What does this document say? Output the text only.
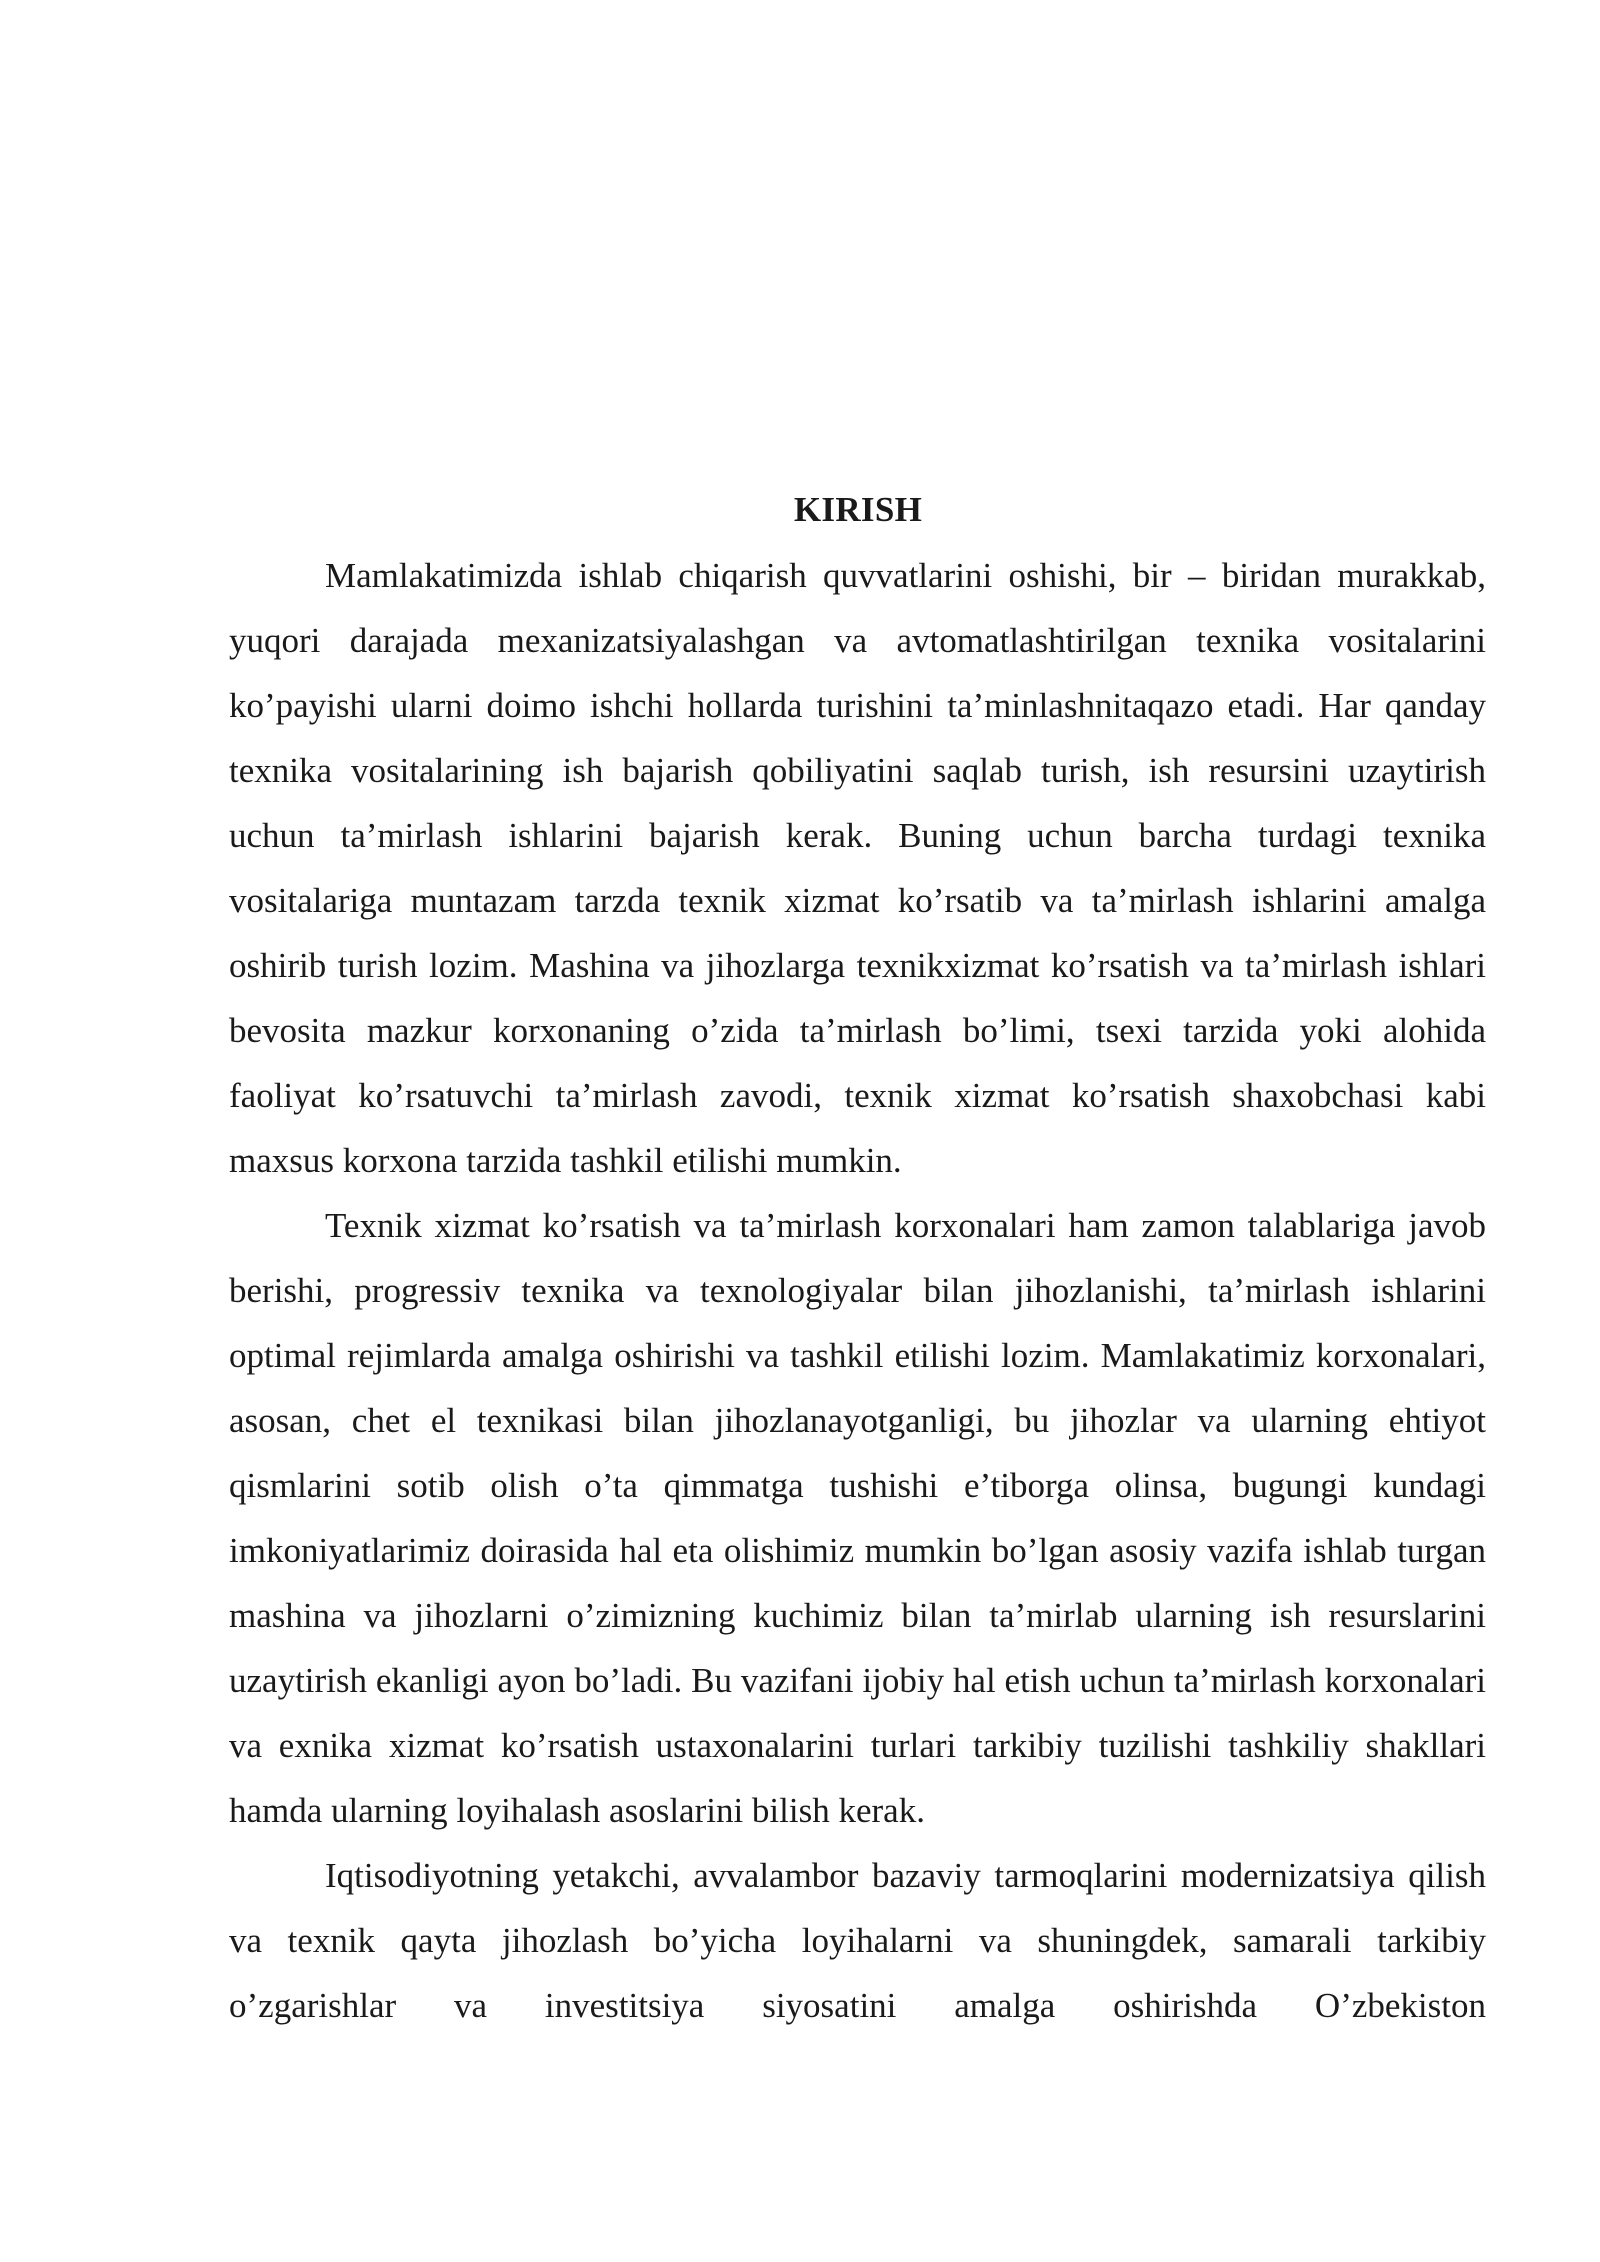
KIRISH

Mamlakatimizda ishlab chiqarish quvvatlarini oshishi, bir – biridan murakkab, yuqori darajada mexanizatsiyalashgan va avtomatlashtirilgan texnika vositalarini ko’payishi ularni doimo ishchi hollarda turishini ta’minlashnitaqazo etadi. Har qanday texnika vositalarining ish bajarish qobiliyatini saqlab turish, ish resursini uzaytirish uchun ta’mirlash ishlarini bajarish kerak. Buning uchun barcha turdagi texnika vositalariga muntazam tarzda texnik xizmat ko’rsatib va ta’mirlash ishlarini amalga oshirib turish lozim. Mashina va jihozlarga texnikxizmat ko’rsatish va ta’mirlash ishlari bevosita mazkur korxonaning o’zida ta’mirlash bo’limi, tsexi tarzida yoki alohida faoliyat ko’rsatuvchi ta’mirlash zavodi, texnik xizmat ko’rsatish shaxobchasi kabi maxsus korxona tarzida tashkil etilishi mumkin.

Texnik xizmat ko’rsatish va ta’mirlash korxonalari ham zamon talablariga javob berishi, progressiv texnika va texnologiyalar bilan jihozlanishi, ta’mirlash ishlarini optimal rejimlarda amalga oshirishi va tashkil etilishi lozim. Mamlakatimiz korxonalari, asosan, chet el texnikasi bilan jihozlanayotganligi, bu jihozlar va ularning ehtiyot qismlarini sotib olish o’ta qimmatga tushishi e’tiborga olinsa, bugungi kundagi imkoniyatlarimiz doirasida hal eta olishimiz mumkin bo’lgan asosiy vazifa ishlab turgan mashina va jihozlarni o’zimizning kuchimiz bilan ta’mirlab ularning ish resurslarini uzaytirish ekanligi ayon bo’ladi. Bu vazifani ijobiy hal etish uchun ta’mirlash korxonalari va exnika xizmat ko’rsatish ustaxonalarini turlari tarkibiy tuzilishi tashkiliy shakllari hamda ularning loyihalash asoslarini bilish kerak.

Iqtisodiyotning yetakchi, avvalambor bazaviy tarmoqlarini modernizatsiya qilish va texnik qayta jihozlash bo’yicha loyihalarni va shuningdek, samarali tarkibiy o’zgarishlar va investitsiya siyosatini amalga oshirishda O’zbekiston
